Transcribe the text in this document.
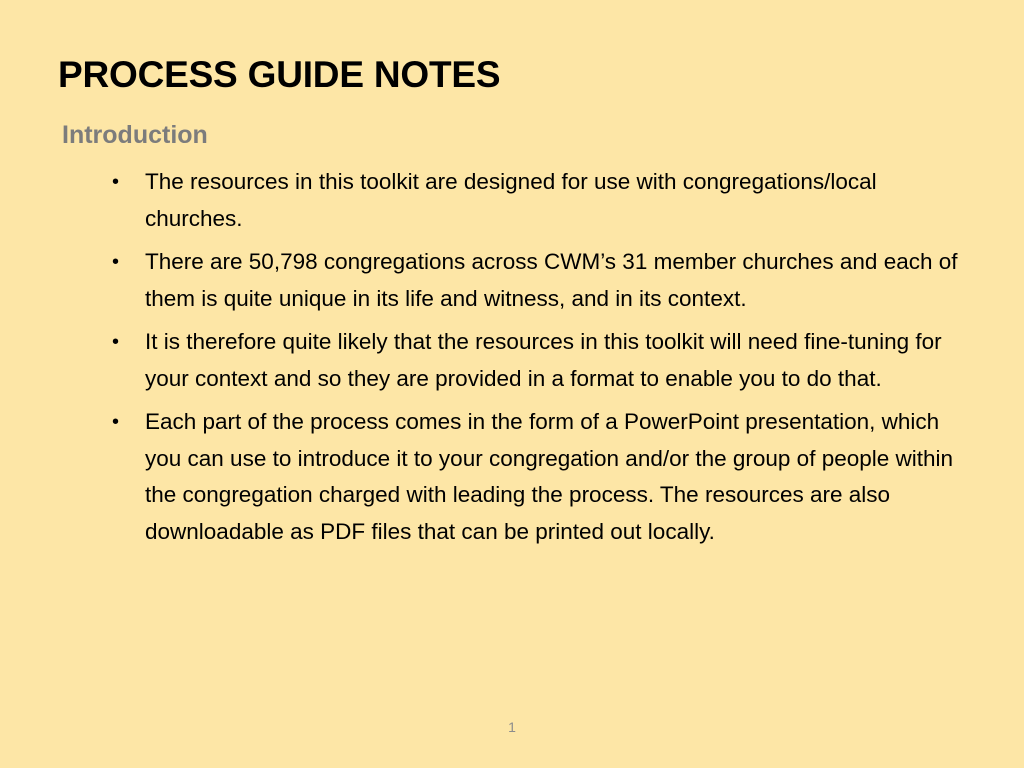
PROCESS GUIDE NOTES
Introduction
• The resources in this toolkit are designed for use with congregations/local churches.
• There are 50,798 congregations across CWM’s 31 member churches and each of them is quite unique in its life and witness, and in its context.
• It is therefore quite likely that the resources in this toolkit will need fine-tuning for your context and so they are provided in a format to enable you to do that.
• Each part of the process comes in the form of a PowerPoint presentation, which you can use to introduce it to your congregation and/or the group of people within the congregation charged with leading the process. The resources are also downloadable as PDF files that can be printed out locally.
1
